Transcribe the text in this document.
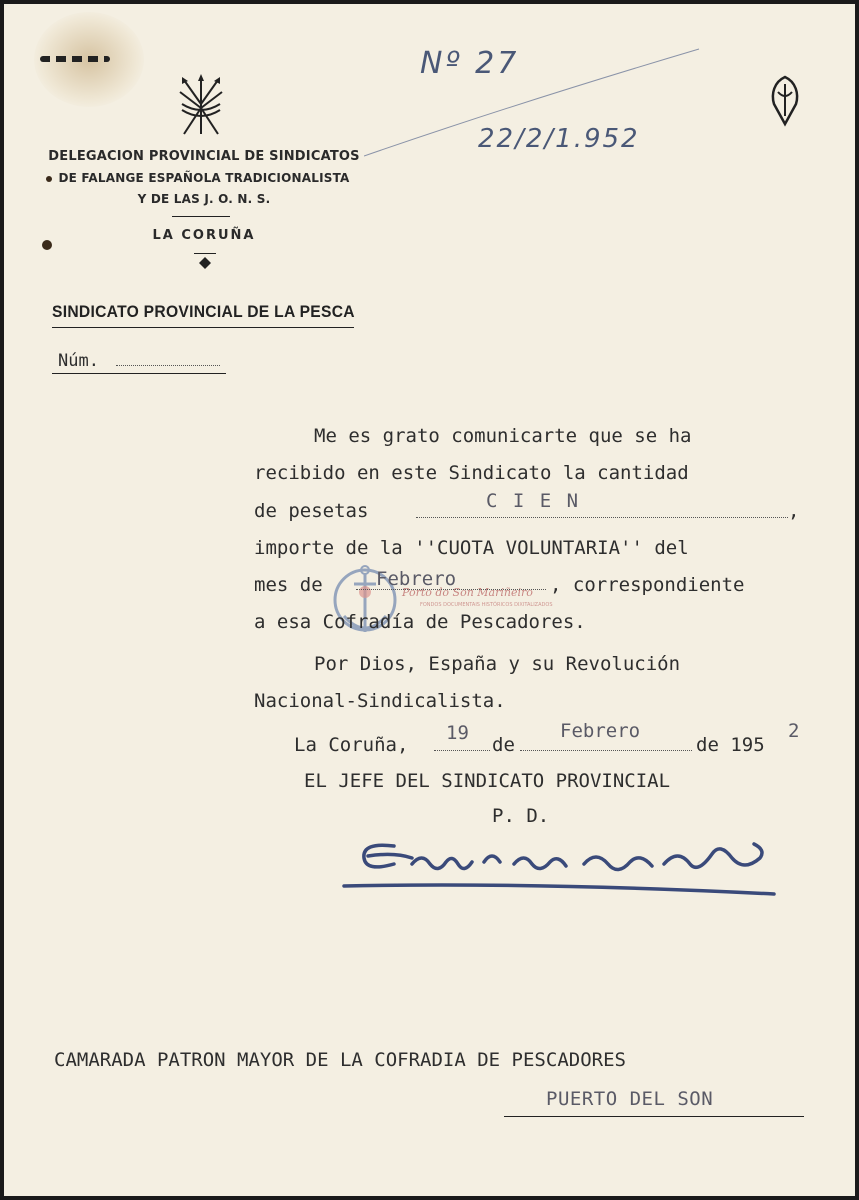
Nº 27
22/2/1.952
DELEGACION PROVINCIAL DE SINDICATOS
DE FALANGE ESPAÑOLA TRADICIONALISTA
Y DE LAS J. O. N. S.
LA CORUÑA
SINDICATO PROVINCIAL DE LA PESCA
Núm.
Porto do Son Mariñeiro
FONDOS DOCUMENTAIS HISTÓRICOS DIXITALIZADOS
Me es grato comunicarte que se ha
recibido en este Sindicato la cantidad
de pesetas	C I E N	,
importe de la ''CUOTA VOLUNTARIA'' del
mes de	Febrero	, correspondiente
a esa Cofradía de Pescadores.
Por Dios, España y su Revolución
Nacional-Sindicalista.
La Coruña,
19
de
Febrero
de 195
2
EL JEFE DEL SINDICATO PROVINCIAL
P. D.
CAMARADA PATRON MAYOR DE LA COFRADIA DE PESCADORES
PUERTO DEL SON
